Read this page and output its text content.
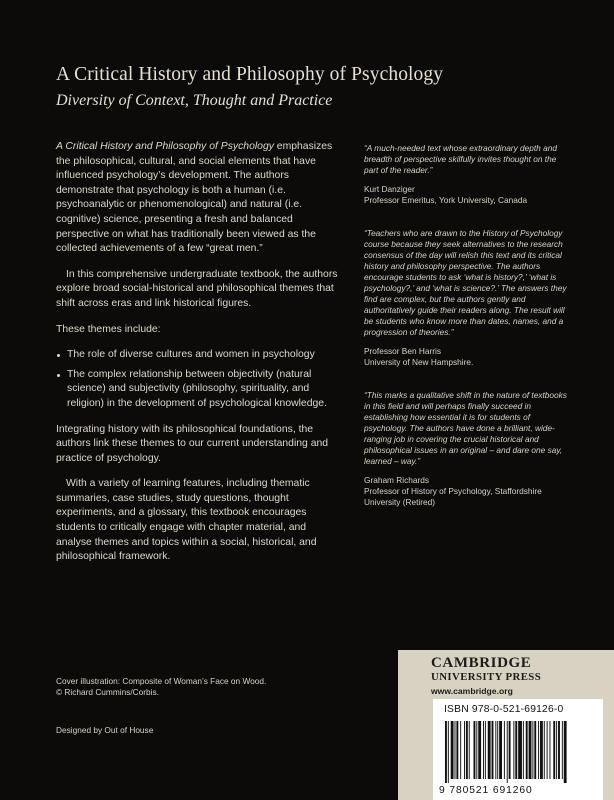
A Critical History and Philosophy of Psychology
Diversity of Context, Thought and Practice

A Critical History and Philosophy of Psychology emphasizes the philosophical, cultural, and social elements that have influenced psychology’s development. The authors demonstrate that psychology is both a human (i.e. psychoanalytic or phenomenological) and natural (i.e. cognitive) science, presenting a fresh and balanced perspective on what has traditionally been viewed as the collected achievements of a few “great men.”

In this comprehensive undergraduate textbook, the authors explore broad social-historical and philosophical themes that shift across eras and link historical figures.

These themes include:

The role of diverse cultures and women in psychology
The complex relationship between objectivity (natural science) and subjectivity (philosophy, spirituality, and religion) in the development of psychological knowledge.

Integrating history with its philosophical foundations, the authors link these themes to our current understanding and practice of psychology.

With a variety of learning features, including thematic summaries, case studies, study questions, thought experiments, and a glossary, this textbook encourages students to critically engage with chapter material, and analyse themes and topics within a social, historical, and philosophical framework.

“A much-needed text whose extraordinary depth and breadth of perspective skilfully invites thought on the part of the reader.”

Kurt Danziger

Professor Emeritus, York University, Canada

“Teachers who are drawn to the History of Psychology course because they seek alternatives to the research consensus of the day will relish this text and its critical history and philosophy perspective. The authors encourage students to ask ‘what is history?,’ ‘what is psychology?,’ and ‘what is science?.’ The answers they find are complex, but the authors gently and authoritatively guide their readers along. The result will be students who know more than dates, names, and a progression of theories.”

Professor Ben Harris

University of New Hampshire.

“This marks a qualitative shift in the nature of textbooks in this field and will perhaps finally succeed in establishing how essential it is for students of psychology. The authors have done a brilliant, wide-ranging job in covering the crucial historical and philosophical issues in an original – and dare one say, learned – way.”

Graham Richards

Professor of History of Psychology, Staffordshire University (Retired)

Cover illustration: Composite of Woman’s Face on Wood.

© Richard Cummins/Corbis.

Designed by Out of House

CAMBRIDGE

UNIVERSITY PRESS

www.cambridge.org

ISBN 978-0-521-69126-0

9 780521 691260
